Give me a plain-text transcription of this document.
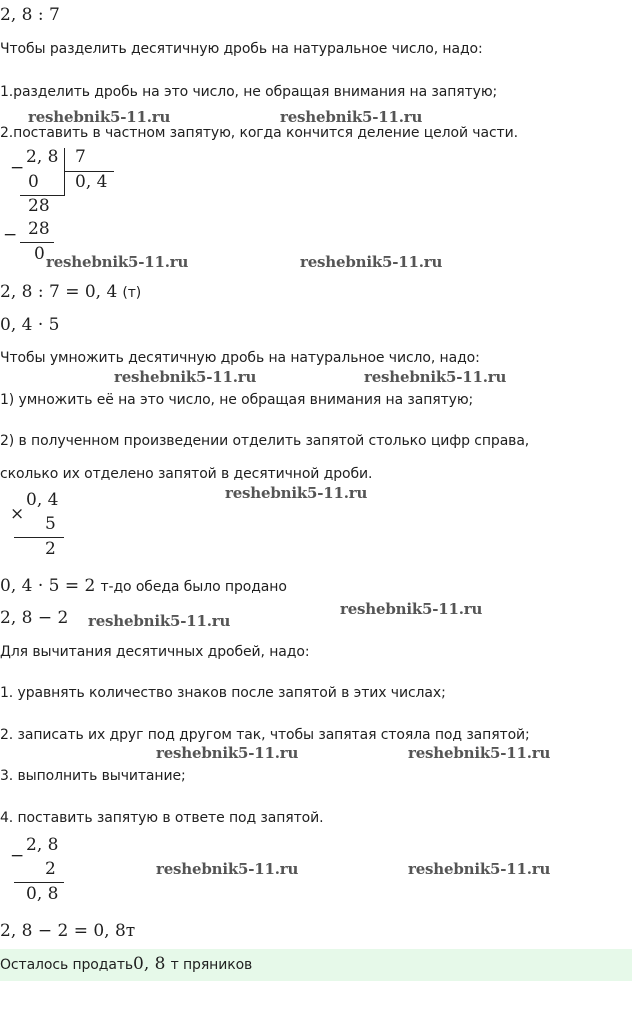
2, 8 : 7
Чтобы разделить десятичную дробь на натуральное число, надо:
1.разделить дробь на это число, не обращая внимания на запятую;
reshebnik5-11.ru	reshebnik5-11.ru
2.поставить в частном запятую, когда кончится деление целой части.
−
2, 8 7
0 0, 4
28
− 28
0 reshebnik5-11.ru	reshebnik5-11.ru
2, 8 : 7 = 0, 4 (т)
0, 4 · 5
Чтобы умножить десятичную дробь на натуральное число, надо:
reshebnik5-11.ru	reshebnik5-11.ru
1) умножить её на это число, не обращая внимания на запятую;
2) в полученном произведении отделить запятой столько цифр справа,
сколько их отделено запятой в десятичной дроби.
reshebnik5-11.ru
×
0, 4
5
2
0, 4 · 5 = 2 т-до обеда было продано
reshebnik5-11.ru
2, 8 − 2 reshebnik5-11.ru
Для вычитания десятичных дробей, надо:
1. уравнять количество знаков после запятой в этих числах;
2. записать их друг под другом так, чтобы запятая стояла под запятой;
reshebnik5-11.ru	reshebnik5-11.ru
3. выполнить вычитание;
4. поставить запятую в ответе под запятой.
−
2, 8
2
0, 8
reshebnik5-11.ru	reshebnik5-11.ru
2, 8 − 2 = 0, 8т
Осталось продать0, 8 т пряников
